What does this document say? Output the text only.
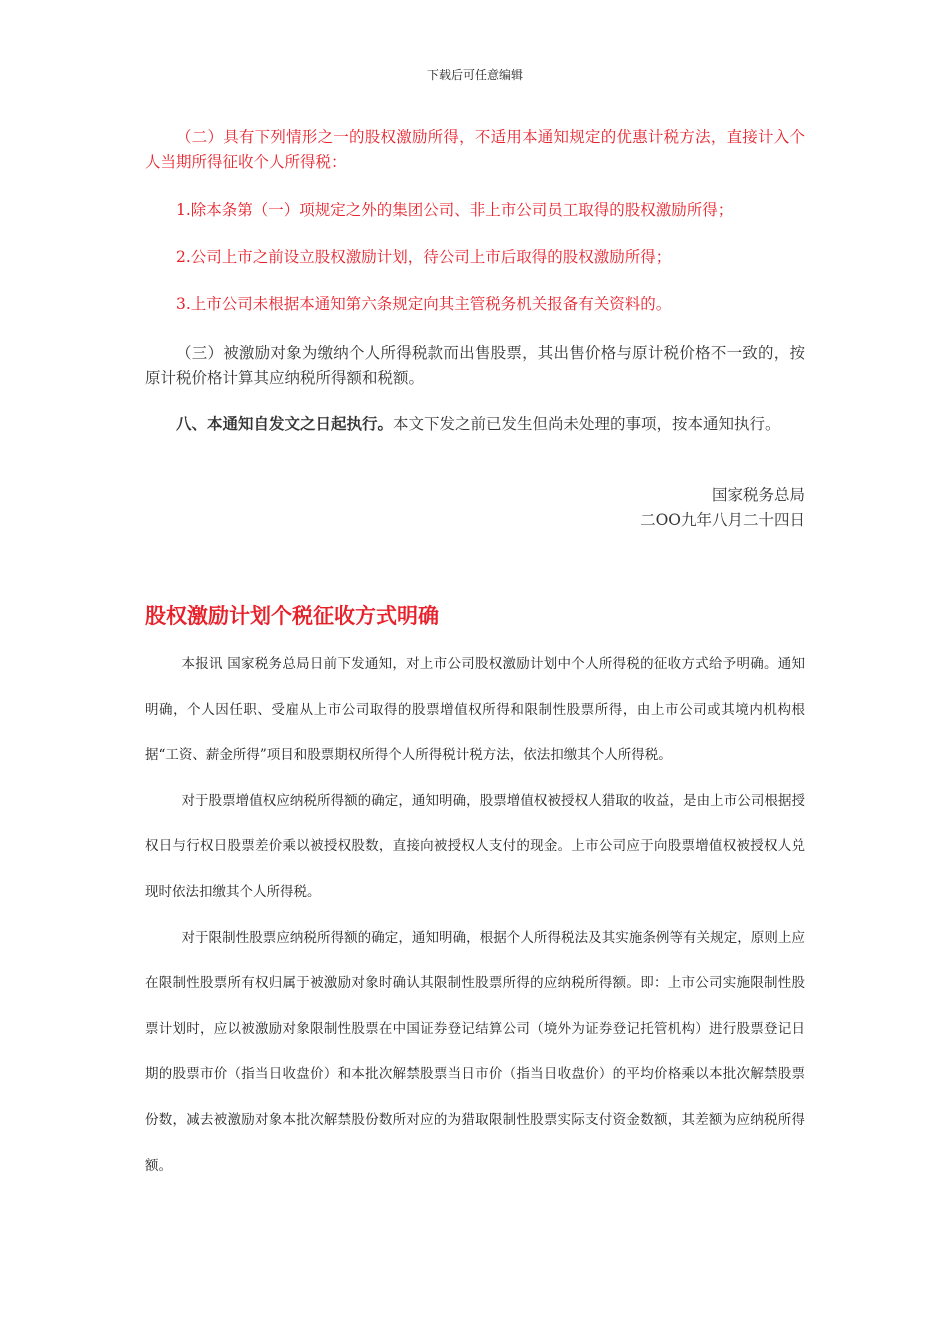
下载后可任意编辑

（二）具有下列情形之一的股权激励所得，不适用本通知规定的优惠计税方法，直接计入个人当期所得征收个人所得税：

1.除本条第（一）项规定之外的集团公司、非上市公司员工取得的股权激励所得；

2.公司上市之前设立股权激励计划，待公司上市后取得的股权激励所得；

3.上市公司未根据本通知第六条规定向其主管税务机关报备有关资料的。

（三）被激励对象为缴纳个人所得税款而出售股票，其出售价格与原计税价格不一致的，按原计税价格计算其应纳税所得额和税额。

八、本通知自发文之日起执行。本文下发之前已发生但尚未处理的事项，按本通知执行。

国家税务总局
二OO九年八月二十四日
股权激励计划个税征收方式明确

本报讯 国家税务总局日前下发通知，对上市公司股权激励计划中个人所得税的征收方式给予明确。通知明确，个人因任职、受雇从上市公司取得的股票增值权所得和限制性股票所得，由上市公司或其境内机构根据“工资、薪金所得”项目和股票期权所得个人所得税计税方法，依法扣缴其个人所得税。

对于股票增值权应纳税所得额的确定，通知明确，股票增值权被授权人猎取的收益，是由上市公司根据授权日与行权日股票差价乘以被授权股数，直接向被授权人支付的现金。上市公司应于向股票增值权被授权人兑现时依法扣缴其个人所得税。

对于限制性股票应纳税所得额的确定，通知明确，根据个人所得税法及其实施条例等有关规定，原则上应在限制性股票所有权归属于被激励对象时确认其限制性股票所得的应纳税所得额。即：上市公司实施限制性股票计划时，应以被激励对象限制性股票在中国证券登记结算公司（境外为证券登记托管机构）进行股票登记日期的股票市价（指当日收盘价）和本批次解禁股票当日市价（指当日收盘价）的平均价格乘以本批次解禁股票份数，减去被激励对象本批次解禁股份数所对应的为猎取限制性股票实际支付资金数额，其差额为应纳税所得额。
